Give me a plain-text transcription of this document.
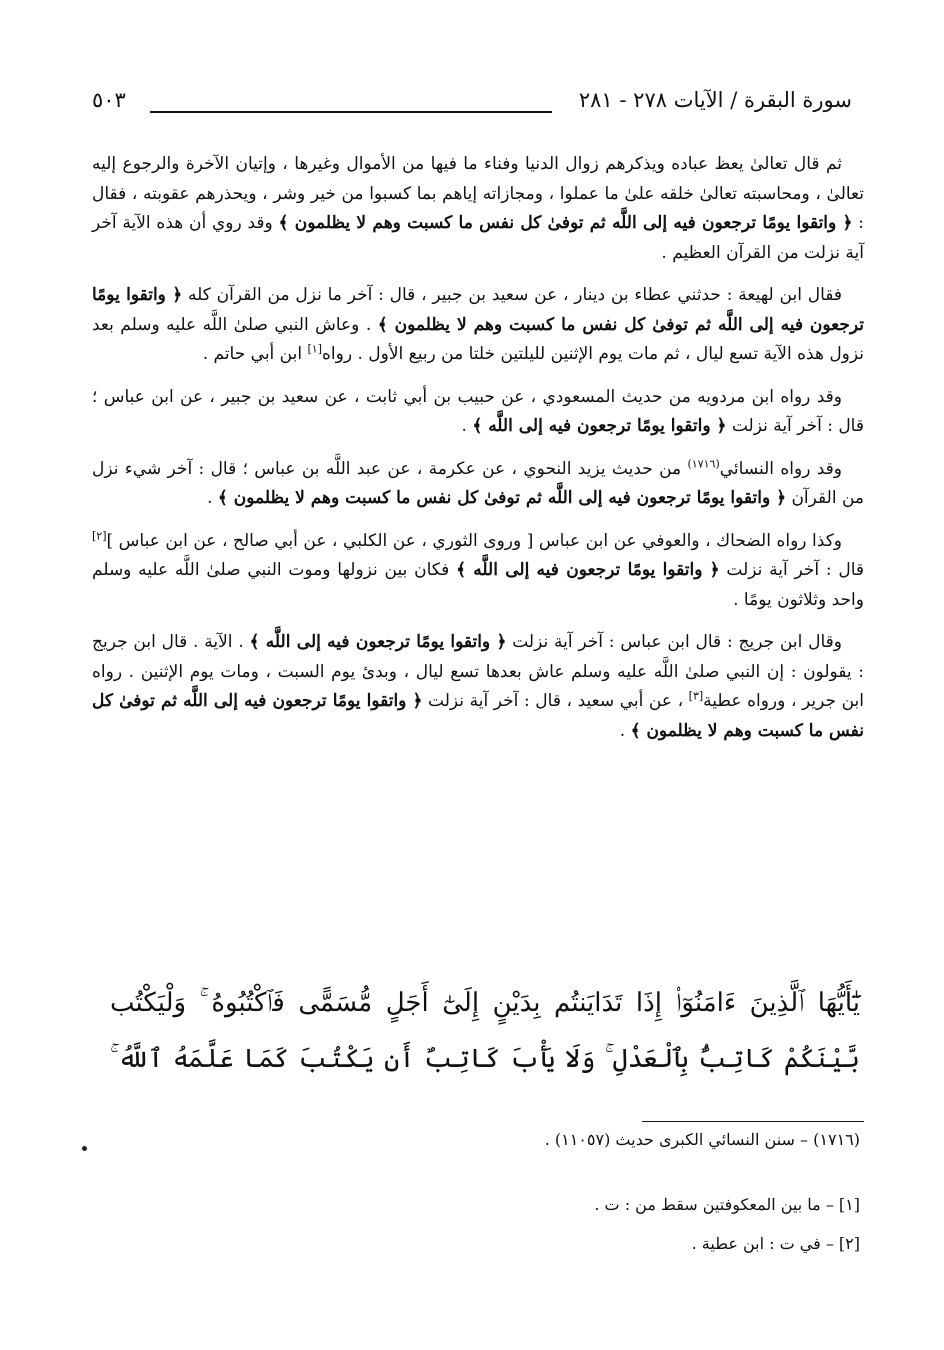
سورة البقرة / الآيات ٢٧٨ - ٢٨١
٥٠٣

ثم قال تعالىٰ يعظ عباده ويذكرهم زوال الدنيا وفناء ما فيها من الأموال وغيرها ، وإتيان الآخرة والرجوع إليه تعالىٰ ، ومحاسبته تعالىٰ خلقه علىٰ ما عملوا ، ومجازاته إياهم بما كسبوا من خير وشر ، ويحذرهم عقوبته ، فقال : ﴿ واتقوا يومًا ترجعون فيه إلى اللَّه ثم توفىٰ كل نفس ما كسبت وهم لا يظلمون ﴾ وقد روي أن هذه الآية آخر آية نزلت من القرآن العظيم .

فقال ابن لهيعة : حدثني عطاء بن دينار ، عن سعيد بن جبير ، قال : آخر ما نزل من القرآن كله ﴿ واتقوا يومًا ترجعون فيه إلى اللَّه ثم توفىٰ كل نفس ما كسبت وهم لا يظلمون ﴾ . وعاش النبي صلىٰ اللَّه عليه وسلم بعد نزول هذه الآية تسع ليال ، ثم مات يوم الإثنين لليلتين خلتا من ربيع الأول . رواه[١] ابن أبي حاتم .

وقد رواه ابن مردويه من حديث المسعودي ، عن حبيب بن أبي ثابت ، عن سعيد بن جبير ، عن ابن عباس ؛ قال : آخر آية نزلت ﴿ واتقوا يومًا ترجعون فيه إلى اللَّه ﴾ .

وقد رواه النسائي$^{(١٧١٦)}$ من حديث يزيد النحوي ، عن عكرمة ، عن عبد اللَّه بن عباس ؛ قال : آخر شيء نزل من القرآن ﴿ واتقوا يومًا ترجعون فيه إلى اللَّه ثم توفىٰ كل نفس ما كسبت وهم لا يظلمون ﴾ .

وكذا رواه الضحاك ، والعوفي عن ابن عباس [ وروى الثوري ، عن الكلبي ، عن أبي صالح ، عن ابن عباس ][٢] قال : آخر آية نزلت ﴿ واتقوا يومًا ترجعون فيه إلى اللَّه ﴾ فكان بين نزولها وموت النبي صلىٰ اللَّه عليه وسلم واحد وثلاثون يومًا .

وقال ابن جريج : قال ابن عباس : آخر آية نزلت ﴿ واتقوا يومًا ترجعون فيه إلى اللَّه ﴾ . الآية . قال ابن جريج : يقولون : إن النبي صلىٰ اللَّه عليه وسلم عاش بعدها تسع ليال ، وبدئ يوم السبت ، ومات يوم الإثنين . رواه ابن جرير ، ورواه عطية[٣] ، عن أبي سعيد ، قال : آخر آية نزلت ﴿ واتقوا يومًا ترجعون فيه إلى اللَّه ثم توفىٰ كل نفس ما كسبت وهم لا يظلمون ﴾ .

يَٰٓأَيُّهَا ٱلَّذِينَ ءَامَنُوٓا۟ إِذَا تَدَايَنتُم بِدَيْنٍ إِلَىٰٓ أَجَلٍ مُّسَمًّى فَٱكْتُبُوهُ ۚ وَلْيَكْتُب
بَّيْنَكُمْ كَاتِبٌۢ بِٱلْعَدْلِ ۚ وَلَا يَأْبَ كَاتِبٌ أَن يَكْتُبَ كَمَا عَلَّمَهُ ٱللَّهُ ۚ
(١٧١٦) – سنن النسائي الكبرى حديث (١١٠٥٧) .
[١] – ما بين المعكوفتين سقط من : ت .
[٢] – في ت : ابن عطية .
